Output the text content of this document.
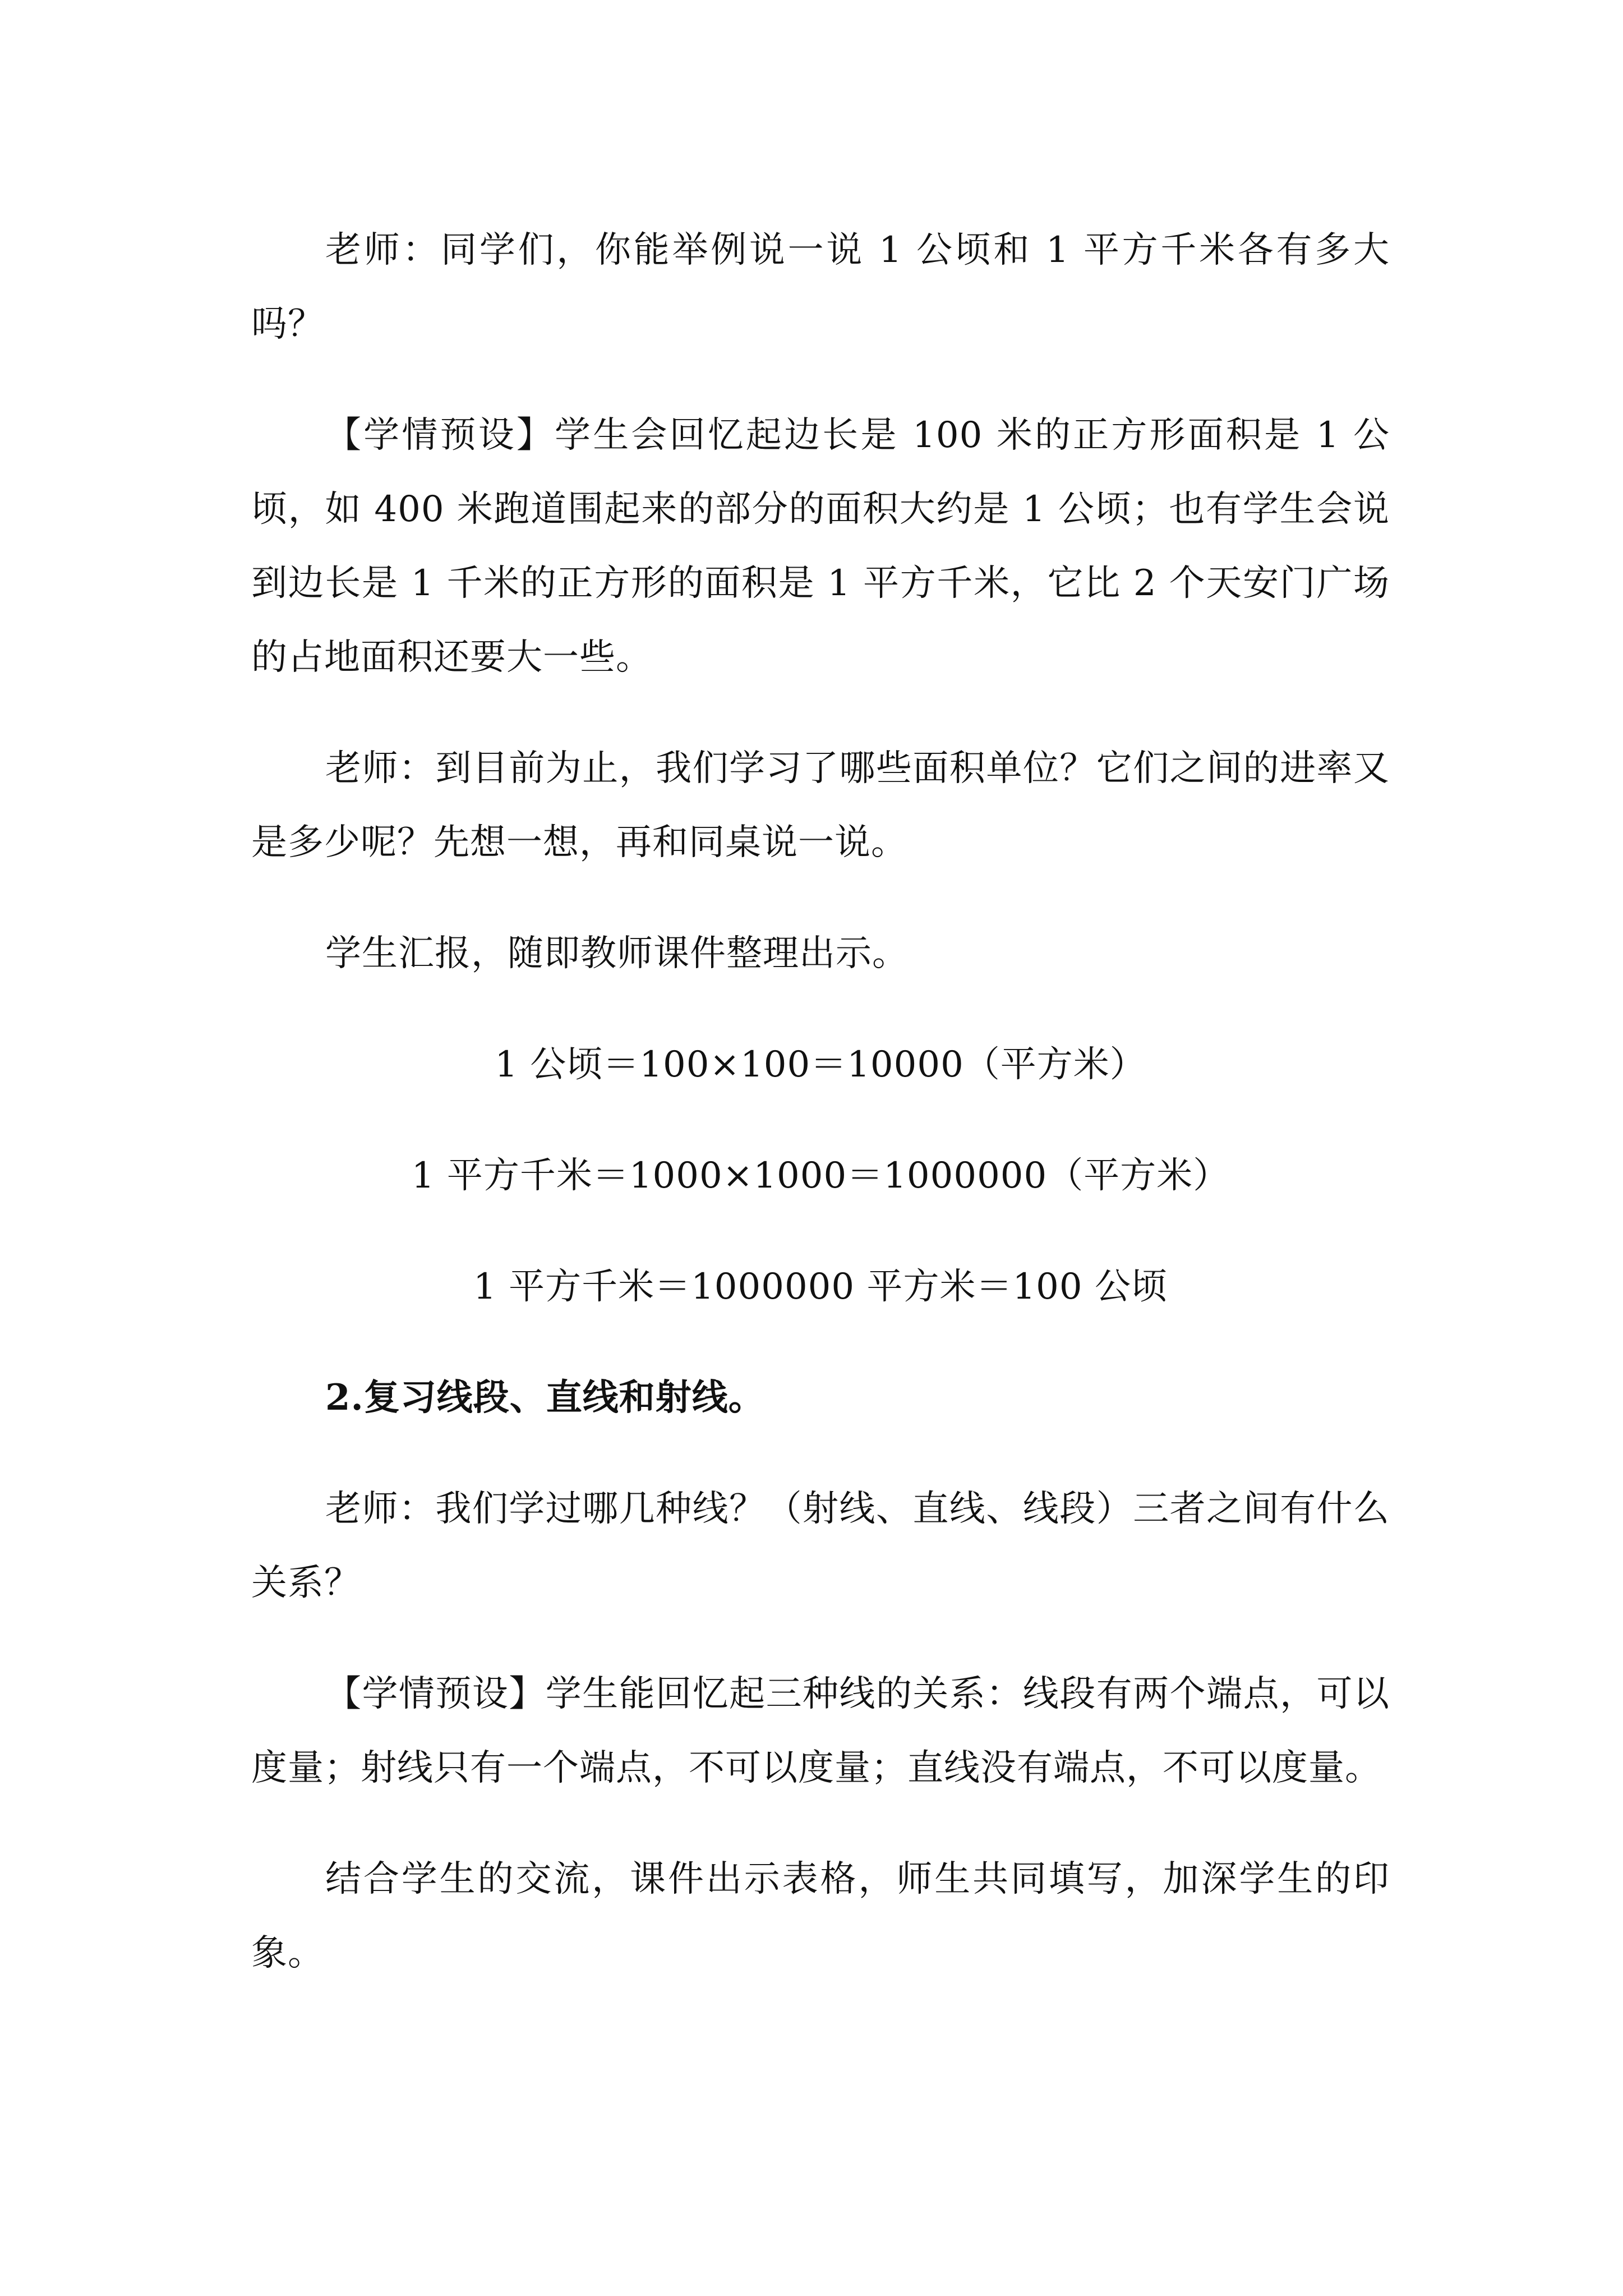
老师：同学们，你能举例说一说 1 公顷和 1 平方千米各有多大吗？

【学情预设】学生会回忆起边长是 100 米的正方形面积是 1 公顷，如 400 米跑道围起来的部分的面积大约是 1 公顷；也有学生会说到边长是 1 千米的正方形的面积是 1 平方千米，它比 2 个天安门广场的占地面积还要大一些。

老师：到目前为止，我们学习了哪些面积单位？它们之间的进率又是多少呢？先想一想，再和同桌说一说。

学生汇报，随即教师课件整理出示。

1 公顷＝100×100＝10000（平方米）

1 平方千米＝1000×1000＝1000000（平方米）

1 平方千米＝1000000 平方米＝100 公顷

2.复习线段、直线和射线。

老师：我们学过哪几种线？（射线、直线、线段）三者之间有什么关系？

【学情预设】学生能回忆起三种线的关系：线段有两个端点，可以度量；射线只有一个端点，不可以度量；直线没有端点，不可以度量。

结合学生的交流，课件出示表格，师生共同填写，加深学生的印象。
